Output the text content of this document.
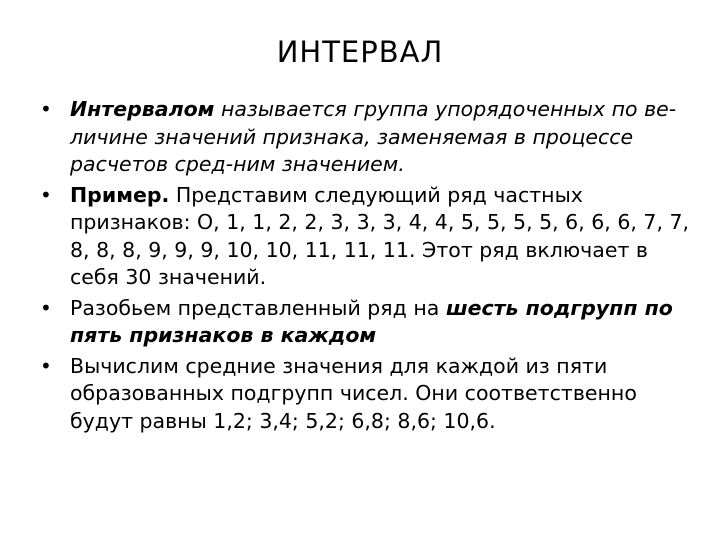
ИНТЕРВАЛ
• Интервалом называется группа упорядоченных по ве-личине значений признака, заменяемая в процессе расчетов сред-ним значением.
• Пример. Представим следующий ряд частных признаков: О, 1, 1, 2, 2, 3, 3, 3, 4, 4, 5, 5, 5, 5, 6, 6, 6, 7, 7, 8, 8, 8, 9, 9, 9, 10, 10, 11, 11, 11. Этот ряд включает в себя 30 значений.
• Разобьем представленный ряд на шесть подгрупп по пять признаков в каждом
• Вычислим средние значения для каждой из пяти образованных подгрупп чисел. Они соответственно будут равны 1,2; 3,4; 5,2; 6,8; 8,6; 10,6.
